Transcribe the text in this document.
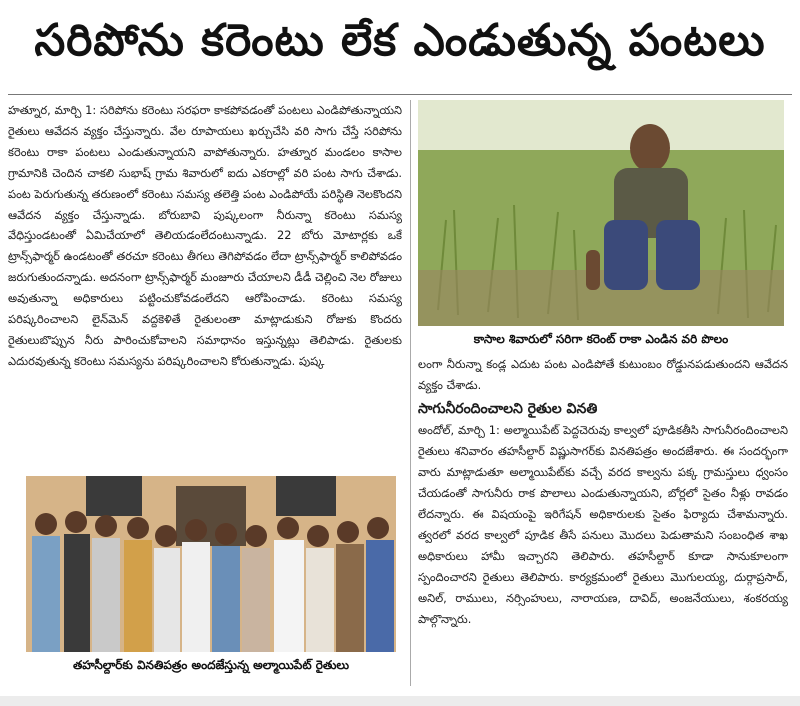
సరిపోను కరెంటు లేక ఎండుతున్న పంటలు

హత్నూర, మార్చి 1: సరిపోను కరెంటు సరఫరా కాకపోవడంతో పంటలు ఎండిపోతున్నాయని రైతులు ఆవేదన వ్యక్తం చేస్తున్నారు. వేల రూపాయలు ఖర్చుచేసి వరి సాగు చేస్తే సరిపోను కరెంటు రాకా పంటలు ఎండుతున్నాయని వాపోతున్నారు. హత్నూర మండలం కాసాల గ్రామానికి చెందిన చాకలి సుభాష్ గ్రామ శివారులో ఐదు ఎకరాల్లో వరి పంట సాగు చేశాడు. పంట పెరుగుతున్న తరుణంలో కరెంటు సమస్య తలెత్తి పంట ఎండిపోయే పరిస్థితి నెలకొందని ఆవేదన వ్యక్తం చేస్తున్నాడు. బోరుబావి పుష్కలంగా నీరున్నా కరెంటు సమస్య వేధిస్తుండటంతో ఏమిచేయాలో తెలియడంలేదంటున్నాడు. 22 బోరు మోటార్లకు ఒకే ట్రాన్స్‌ఫార్మర్ ఉండటంతో తరచూ కరెంటు తీగలు తెగిపోవడం లేదా ట్రాన్స్‌ఫార్మర్ కాలిపోవడం జరుగుతుందన్నాడు. అదనంగా ట్రాన్స్‌ఫార్మర్ మంజూరు చేయాలని డీడీ చెల్లించి నెల రోజులు అవుతున్నా అధికారులు పట్టించుకోవడంలేదని ఆరోపించాడు. కరెంటు సమస్య పరిష్కరించాలని లైన్‌మెన్ వద్దకెళితే రైతులంతా మాట్లాడుకుని రోజుకు కొందరు రైతులుబొప్పున నీరు పారించుకోవాలని సమాధానం ఇస్తున్నట్లు తెలిపాడు. రైతులకు ఎదురవుతున్న కరెంటు సమస్యను పరిష్కరించాలని కోరుతున్నాడు. పుష్క

కాసాల శివారులో సరిగా కరెంట్ రాకా ఎండిన వరి పొలం
తహసీల్దార్‌కు వినతిపత్రం అందజేస్తున్న అల్మాయిపేట్ రైతులు

లంగా నీరున్నా కండ్ల ఎదుట పంట ఎండిపోతే కుటుంబం రోడ్డునపడుతుందని ఆవేదన వ్యక్తం చేశాడు.

సాగునీరందించాలని రైతుల వినతి

అందోల్, మార్చి 1: అల్మాయిపేట్ పెద్దచెరువు కాల్వలో పూడికతీసి సాగునీరందించాలని రైతులు శనివారం తహసీల్దార్ విష్ణుసాగర్‌కు వినతిపత్రం అందజేశారు. ఈ సందర్భంగా వారు మాట్లాడుతూ అల్మాయిపేట్‌కు వచ్చే వరద కాల్వను పక్క గ్రామస్తులు ధ్వంసం చేయడంతో సాగునీరు రాక పొలాలు ఎండుతున్నాయని, బోర్లలో సైతం నీళ్లు రావడం లేదన్నారు. ఈ విషయంపై ఇరిగేషన్ అధికారులకు సైతం ఫిర్యాదు చేశామన్నారు. త్వరలో వరద కాల్వలో పూడిక తీసే పనులు మొదలు పెడుతామని సంబంధిత శాఖ అధికారులు హామీ ఇచ్చారని తెలిపారు. తహసీల్దార్ కూడా సానుకూలంగా స్పందించారని రైతులు తెలిపారు. కార్యక్రమంలో రైతులు మొగులయ్య, దుర్గాప్రసాద్, అనిల్, రాములు, నర్సింహులు, నారాయణ, దావిద్, అంజనేయులు, శంకరయ్య పాల్గొన్నారు.
